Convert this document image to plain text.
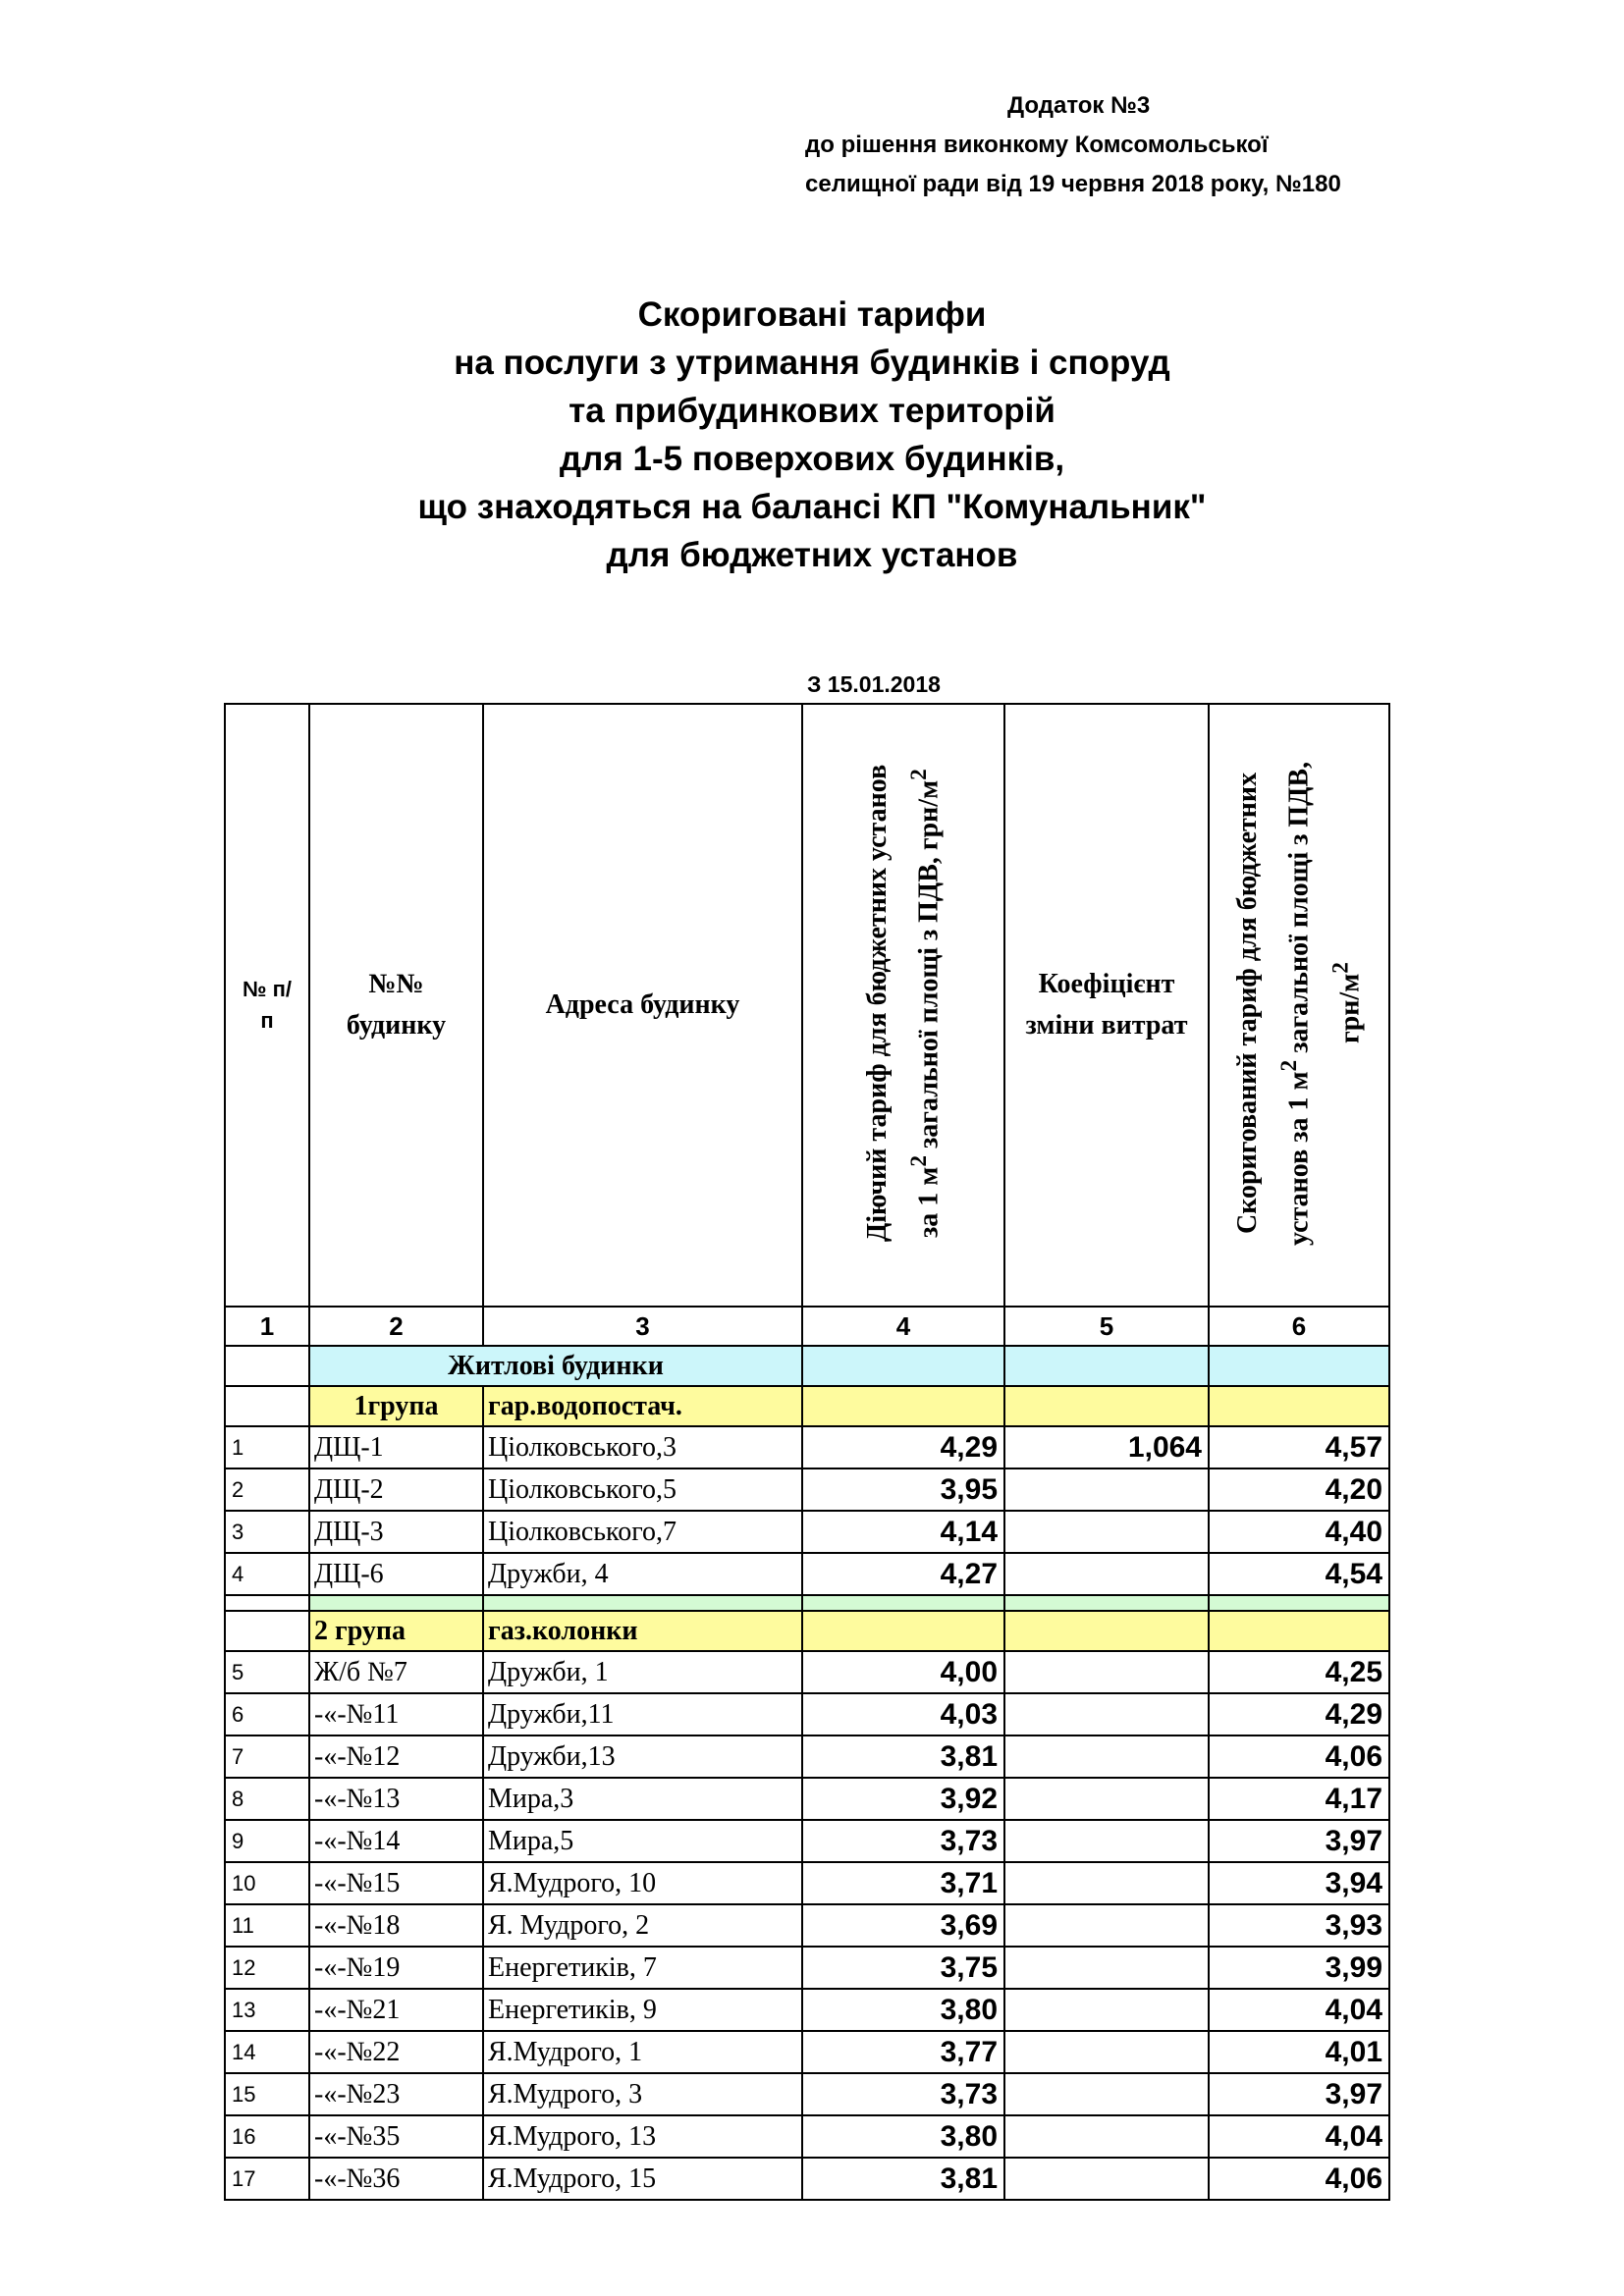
Додаток №3
до рішення виконкому Комсомольської
селищної ради від 19 червня 2018 року, №180
Скориговані тарифи
на послуги з утримання будинків і споруд
та прибудинкових територій
для 1-5 поверхових будинків,
що знаходяться на балансі КП "Комунальник"
для бюджетних установ
З 15.01.2018
№ п/ п	№№ будинку	Адреса будинку	Діючий тариф для бюджетних установ за 1 $м^2$ загальної площі з ПДВ, грн/$м^2$	Коефіцієнт зміни витрат	Скоригований тариф для бюджетних установ за 1 $м^2$ загальної площі з ПДВ, грн/$м^2$
1	2	3	4	5	6
	Житлові будинки				
	1група	гар.водопостач.			
1	ДЩ-1	Ціолковського,3	4,29	1,064	4,57
2	ДЩ-2	Ціолковського,5	3,95		4,20
3	ДЩ-3	Ціолковського,7	4,14		4,40
4	ДЩ-6	Дружби, 4	4,27		4,54

	2 група	газ.колонки			
5	Ж/б №7	Дружби, 1	4,00		4,25
6	-«-№11	Дружби,11	4,03		4,29
7	-«-№12	Дружби,13	3,81		4,06
8	-«-№13	Мира,3	3,92		4,17
9	-«-№14	Мира,5	3,73		3,97
10	-«-№15	Я.Мудрого, 10	3,71		3,94
11	-«-№18	Я. Мудрого, 2	3,69		3,93
12	-«-№19	Енергетиків, 7	3,75		3,99
13	-«-№21	Енергетиків, 9	3,80		4,04
14	-«-№22	Я.Мудрого, 1	3,77		4,01
15	-«-№23	Я.Мудрого, 3	3,73		3,97
16	-«-№35	Я.Мудрого, 13	3,80		4,04
17	-«-№36	Я.Мудрого, 15	3,81		4,06
